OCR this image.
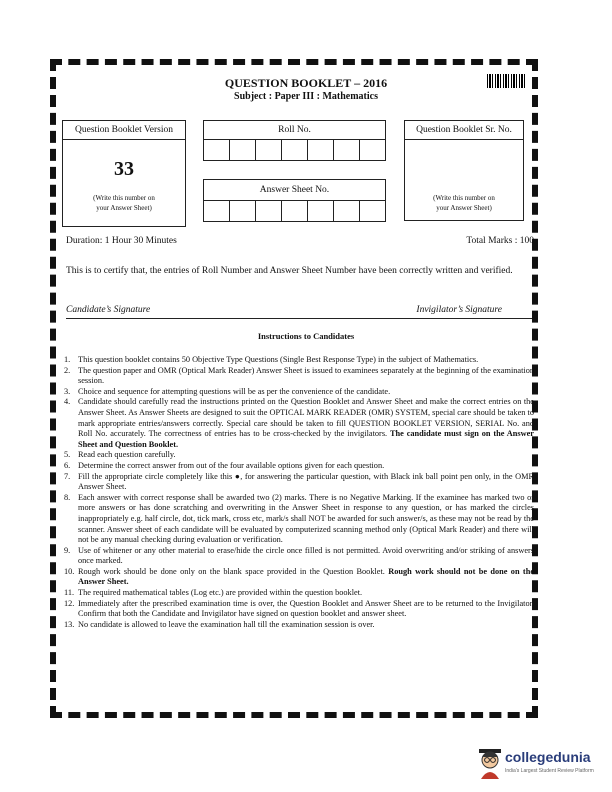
QUESTION BOOKLET – 2016
Subject : Paper III : Mathematics
Question Booklet Version
33
(Write this number on
your Answer Sheet)
Roll No.
Answer Sheet No.
Question Booklet Sr. No.
(Write this number on
your Answer Sheet)
Duration: 1 Hour 30 Minutes	Total Marks : 100
This is to certify that, the entries of Roll Number and Answer Sheet Number have been correctly written and verified.
Candidate’s Signature	Invigilator’s Signature
Instructions to Candidates
1. This question booklet contains 50 Objective Type Questions (Single Best Response Type) in the subject of Mathematics.
2. The question paper and OMR (Optical Mark Reader) Answer Sheet is issued to examinees separately at the beginning of the examination session.
3. Choice and sequence for attempting questions will be as per the convenience of the candidate.
4. Candidate should carefully read the instructions printed on the Question Booklet and Answer Sheet and make the correct entries on the Answer Sheet. As Answer Sheets are designed to suit the OPTICAL MARK READER (OMR) SYSTEM, special care should be taken to mark appropriate entries/answers correctly. Special care should be taken to fill QUESTION BOOKLET VERSION, SERIAL No. and Roll No. accurately. The correctness of entries has to be cross-checked by the invigilators. The candidate must sign on the Answer Sheet and Question Booklet.
5. Read each question carefully.
6. Determine the correct answer from out of the four available options given for each question.
7. Fill the appropriate circle completely like this ●, for answering the particular question, with Black ink ball point pen only, in the OMR Answer Sheet.
8. Each answer with correct response shall be awarded two (2) marks. There is no Negative Marking. If the examinee has marked two or more answers or has done scratching and overwriting in the Answer Sheet in response to any question, or has marked the circles inappropriately e.g. half circle, dot, tick mark, cross etc, mark/s shall NOT be awarded for such answer/s, as these may not be read by the scanner. Answer sheet of each candidate will be evaluated by computerized scanning method only (Optical Mark Reader) and there will not be any manual checking during evaluation or verification.
9. Use of whitener or any other material to erase/hide the circle once filled is not permitted. Avoid overwriting and/or striking of answers once marked.
10. Rough work should be done only on the blank space provided in the Question Booklet. Rough work should not be done on the Answer Sheet.
11. The required mathematical tables (Log etc.) are provided within the question booklet.
12. Immediately after the prescribed examination time is over, the Question Booklet and Answer Sheet are to be returned to the Invigilator. Confirm that both the Candidate and Invigilator have signed on question booklet and answer sheet.
13. No candidate is allowed to leave the examination hall till the examination session is over.
collegedunia
India's Largest Student Review Platform
